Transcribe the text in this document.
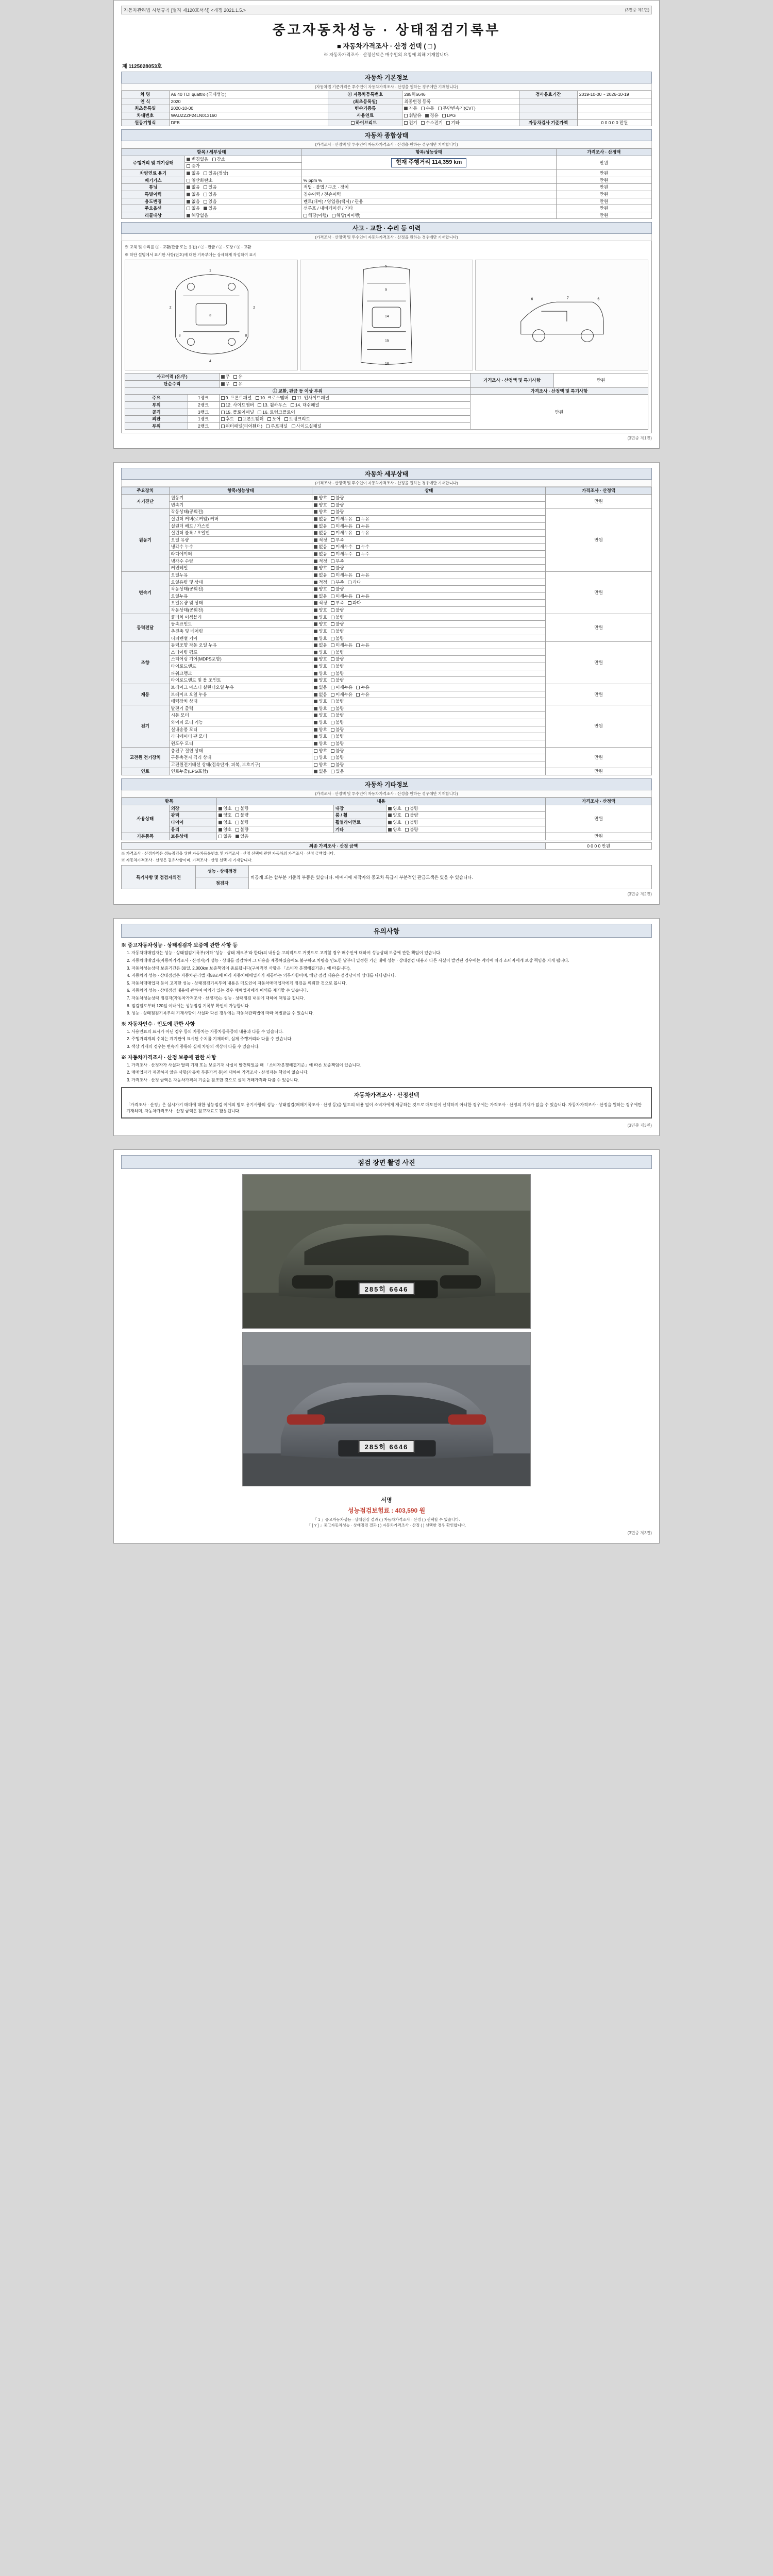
자동차관리법 시행규칙 [별지 제120호서식] <개정 2021.1.5.>	(3면중 제1면)
중고자동차성능 · 상태점검기록부
■ 자동차가격조사 · 산정 선택 ( □ )
※ 자동차가격조사 · 산정선택은 매수인의 요청에 의해 기재합니다.
제 1125028053호
자동차 기본정보
(자동차법 기준가격은 투수인이 자동차가격조사 · 산정을 원하는 경우에만 기재합니다)
차 명	A6 40 TDI quattro (국제성능)	① 자동차등록번호	285히6646	검사유효기간	2019-10-00 ~ 2026-10-19
연 식	2020	(최초등록일)	최종변경 등록		
최초등록일	2020-10-00	변속기종류	자동 수동 무단변속기(CVT)		
차대번호	WAUZZZF24LN013160	사용연료	휘발유 경유 LPG		
원동기형식	DFB	하이브리드	전기 수소전기 기타	자동차검사 기준가액	0 0 0 0 0 만원
자동차 종합상태
(가격조사 · 산정액 및 투수인이 자동차가격조사 · 산정을 원하는 경우에만 기재합니다)
항목 / 세부상태		항목/성능상태	가격조사 · 산정액
주행거리 및 계기상태	변경없음 감소	현재 주행거리 114,359 km	만원
	증가		
차량연료 용기	없음 있음(정상)		만원
배기가스	일산화탄소	% ppm %	만원
튜닝	없음 있음	적법 · 불법 / 구조 · 장치	만원
특별이력	없음 있음	침수이력 / 전손이력	만원
용도변경	없음 있음	렌트(대여) / 영업용(택시) / 관용	만원
주요옵션	없음 있음	선루프 / 내비게이션 / 기타	만원
리콜대상	해당없음	해당(이행) 해당(미이행)	만원
사고 · 교환 · 수리 등 이력
(가격조사 · 산정액 및 투수인이 자동차가격조사 · 산정을 원하는 경우에만 기재합니다)
※ 교체 및 수리를 ① - 교환(판금 또는 용접) / ② - 판금 / ③ - 도장 / ④ - 교환
※ 하단 설명에서 표시한 사항(번호)에 대한 기록부에는 상세하게 작성하여 표시
1
2	2
4
3
8	8
5
9
14
15
16
6	7	6
사고이력 (유/무)		무 유	가격조사 · 산정액 및 특기사항	만원
단순수리		무 유		
① 교환, 판금 등 이상 부위			가격조사 · 산정액 및 특기사항	
주요	1랭크	9. 프론트패널 10. 크로스맴버 11. 인사이드패널	만원	
부위	2랭크	12. 사이드맴버 13. 휠하우스 14. 대쉬패널		
골격	3랭크	15. 플로어패널 16. 트렁크플로어		
외판	1랭크	후드 프론트휀더 도어 트렁크리드		
부위	2랭크	쿼터패널(리어휀더) 루프패널 사이드실패널		
(3면중 제1면)
자동차 세부상태
(가격조사 · 산정액 및 투수인이 자동차가격조사 · 산정을 원하는 경우에만 기재합니다)
주요장치	항목/성능상태	상태	가격조사 · 산정액
자기진단	원동기	양호 불량	만원
	변속기	양호 불량	
원동기	작동상태(공회전)	양호 불량	만원
	실린더 커버(로커암) 커버	없음 미세누유 누유	
	실린더 헤드 / 가스켓	없음 미세누유 누유	
	실린더 블록 / 오일팬	없음 미세누유 누유	
	오일 유량	적정 부족	
	냉각수 누수	없음 미세누수 누수	
	라디에이터	없음 미세누수 누수	
	냉각수 수량	적정 부족	
	커먼레일	양호 불량	
변속기	오일누유	없음 미세누유 누유	만원
	오일유량 및 상태	적정 부족 과다	
	작동상태(공회전)	양호 불량	
	오일누유	없음 미세누유 누유	
	오일유량 및 상태	적정 부족 과다	
	작동상태(공회전)	양호 불량	
동력전달	클러치 어셈블리	양호 불량	만원
	등속죠인트	양호 불량	
	추진축 및 베어링	양호 불량	
	디퍼렌셜 기어	양호 불량	
조향	동력조향 작동 오일 누유	없음 미세누유 누유	만원
	스티어링 펌프	양호 불량	
	스티어링 기어(MDPS포함)	양호 불량	
	타이로드엔드	양호 불량	
	파워크랭크	양호 불량	
	타이로드엔드 및 볼 조인트	양호 불량	
제동	브레이크 마스터 실린더오일 누유	없음 미세누유 누유	만원
	브레이크 오일 누유	없음 미세누유 누유	
	배력장치 상태	양호 불량	
전기	발전기 출력	양호 불량	만원
	시동 모터	양호 불량	
	와이퍼 모터 기능	양호 불량	
	실내송풍 모터	양호 불량	
	라디에이터 팬 모터	양호 불량	
	윈도우 모터	양호 불량	
고전원 전기장치	충전구 절연 상태	양호 불량	만원
	구동축전지 격리 상태	양호 불량	
	고전원전기배선 상태(접속단자, 피복, 보호기구)	양호 불량	
연료	연료누출(LPG포함)	없음 있음	만원
자동차 기타정보
(가격조사 · 산정액 및 투수인이 자동차가격조사 · 산정을 원하는 경우에만 기재합니다)
항목		내용			가격조사 · 산정액
사용상태	외장	양호 불량	내장	양호 불량	만원
	광택	양호 불량	룸 / 휠	양호 불량	
	타이어	양호 불량	휠얼라이먼트	양호 불량	
	유리	양호 불량	기타	양호 불량	
기본품목	보유상태	없음 있음			만원
최종 가격조사 · 산정 금액	0 0 0 0 만원
※ 가격조사 · 산정가액은 성능점검을 위한 자동차등록번호 및 가격조사 · 산정 선택에 관한 자동차의 가격조사 · 산정 금액입니다.
※ 자동차가격조사 · 산정은 권유사항이며, 가격조사 · 산정 선택 시 기재합니다.
특기사항 및 점검자의견	성능 · 상태점검	비공개 또는 합부분 기준의 부품은 있습니다. 매매시에 제작자와 중고차 특급시 부분적인 판금도색은 있을 수 있습니다.
점검자
(3면중 제2면)
유의사항
※ 중고자동차성능 · 상태점검자 보증에 관한 사항 등
1. 자동차매매업자는 성능 · 상태점검기록부(이하 '성능 · 상태 체크부'라 한다)의 내용을 고의적으로 거짓으로 고지할 경우 매수인에 대하여 성능상태 보증에 관한 책임이 있습니다.
2. 자동차매매업자(자동차가격조사 · 산정자)가 성능 · 상태를 점검하여 그 내용을 제공하였음에도 불구하고 차량을 인도한 날부터 일정한 기간 내에 성능 · 상태점검 내용과 다른 사실이 발견된 경우에는 계약에 따라 소비자에게 보상 책임을 지게 됩니다.
3. 자동차성능상태 보증기간은 30일, 2,000km 보증책임이 종료됩니다(구체적인 사항은 「소비자 분쟁해결기준」에 따릅니다).
4. 자동차의 성능 · 상태점검은 자동차관리법 제58조에 따라 자동차매매업자가 제공하는 의무사항이며, 해당 점검 내용은 점검당시의 상태를 나타냅니다.
5. 자동차매매업자 등이 고지한 성능 · 상태점검기록부의 내용은 매도인이 자동차매매업자에게 점검을 의뢰한 것으로 봅니다.
6. 자동차의 성능 · 상태점검 내용에 관하여 이의가 있는 경우 매매업자에게 이의를 제기할 수 있습니다.
7. 자동차성능상태 점검자(자동차가격조사 · 산정자)는 성능 · 상태점검 내용에 대하여 책임을 집니다.
8. 점검일로부터 120일 이내에는 성능점검 기록부 확인이 가능합니다.
9. 성능 · 상태점검기록부의 기재사항이 사실과 다른 경우에는 자동차관리법에 따라 처벌받을 수 있습니다.
※ 자동차인수 · 인도에 관한 사항
1. 사용연료의 표시가 아닌 경우 등의 자동차는 자동차등록증의 내용과 다를 수 있습니다.
2. 주행거리계의 수치는 계기판에 표시된 수치를 기재하며, 실제 주행거리와 다를 수 있습니다.
3. 색상 기재의 경우는 변속기 종류와 실제 차량의 색상이 다를 수 있습니다.
※ 자동차가격조사 · 산정 보증에 관한 사항
1. 가격조사 · 산정자가 사실과 달리 기재 또는 보증기재 사실이 발견되었을 때 「소비자분쟁해결기준」에 따른 보증책임이 있습니다.
2. 매매업자가 제공하지 않은 사항(자동차 부품가격 등)에 대하여 가격조사 · 산정자는 책임이 없습니다.
3. 가격조사 · 산정 금액은 자동차가격의 기준을 참조한 것으로 실제 거래가격과 다를 수 있습니다.
자동차가격조사 · 산정선택
「가격조사 · 산정」은 실시가기 매매에 대한 성능점검 이에의 별도 용기사항의 성능 · 상태점검(매매기록조사 · 산정 등)을 별도의 비용 없이 소비자에게 제공하는 것으로 매도인이 선택하지 아니한 경우에는 가격조사 · 산정의 기재가 없을 수 있습니다. 자동차가격조사 · 산정을 원하는 경우에만 기재하며, 자동차가격조사 · 산정 금액은 참고자료로 활용됩니다.
(3면중 제3면)
점검 장면 촬영 사진
285히 6646
285히 6646
서명
성능점검보험료 : 403,590 원
「 1 」중고자동차성능 · 상태점검 결과 ( ) 자동차가격조사 · 산정 ( ) 선택할 수 있습니다.
「 [ Y ] 」중고자동차성능 · 상태점검 결과 ( ) 자동차가격조사 · 산정 ( ) 선택한 경우 확인합니다.
(3면중 제3면)
